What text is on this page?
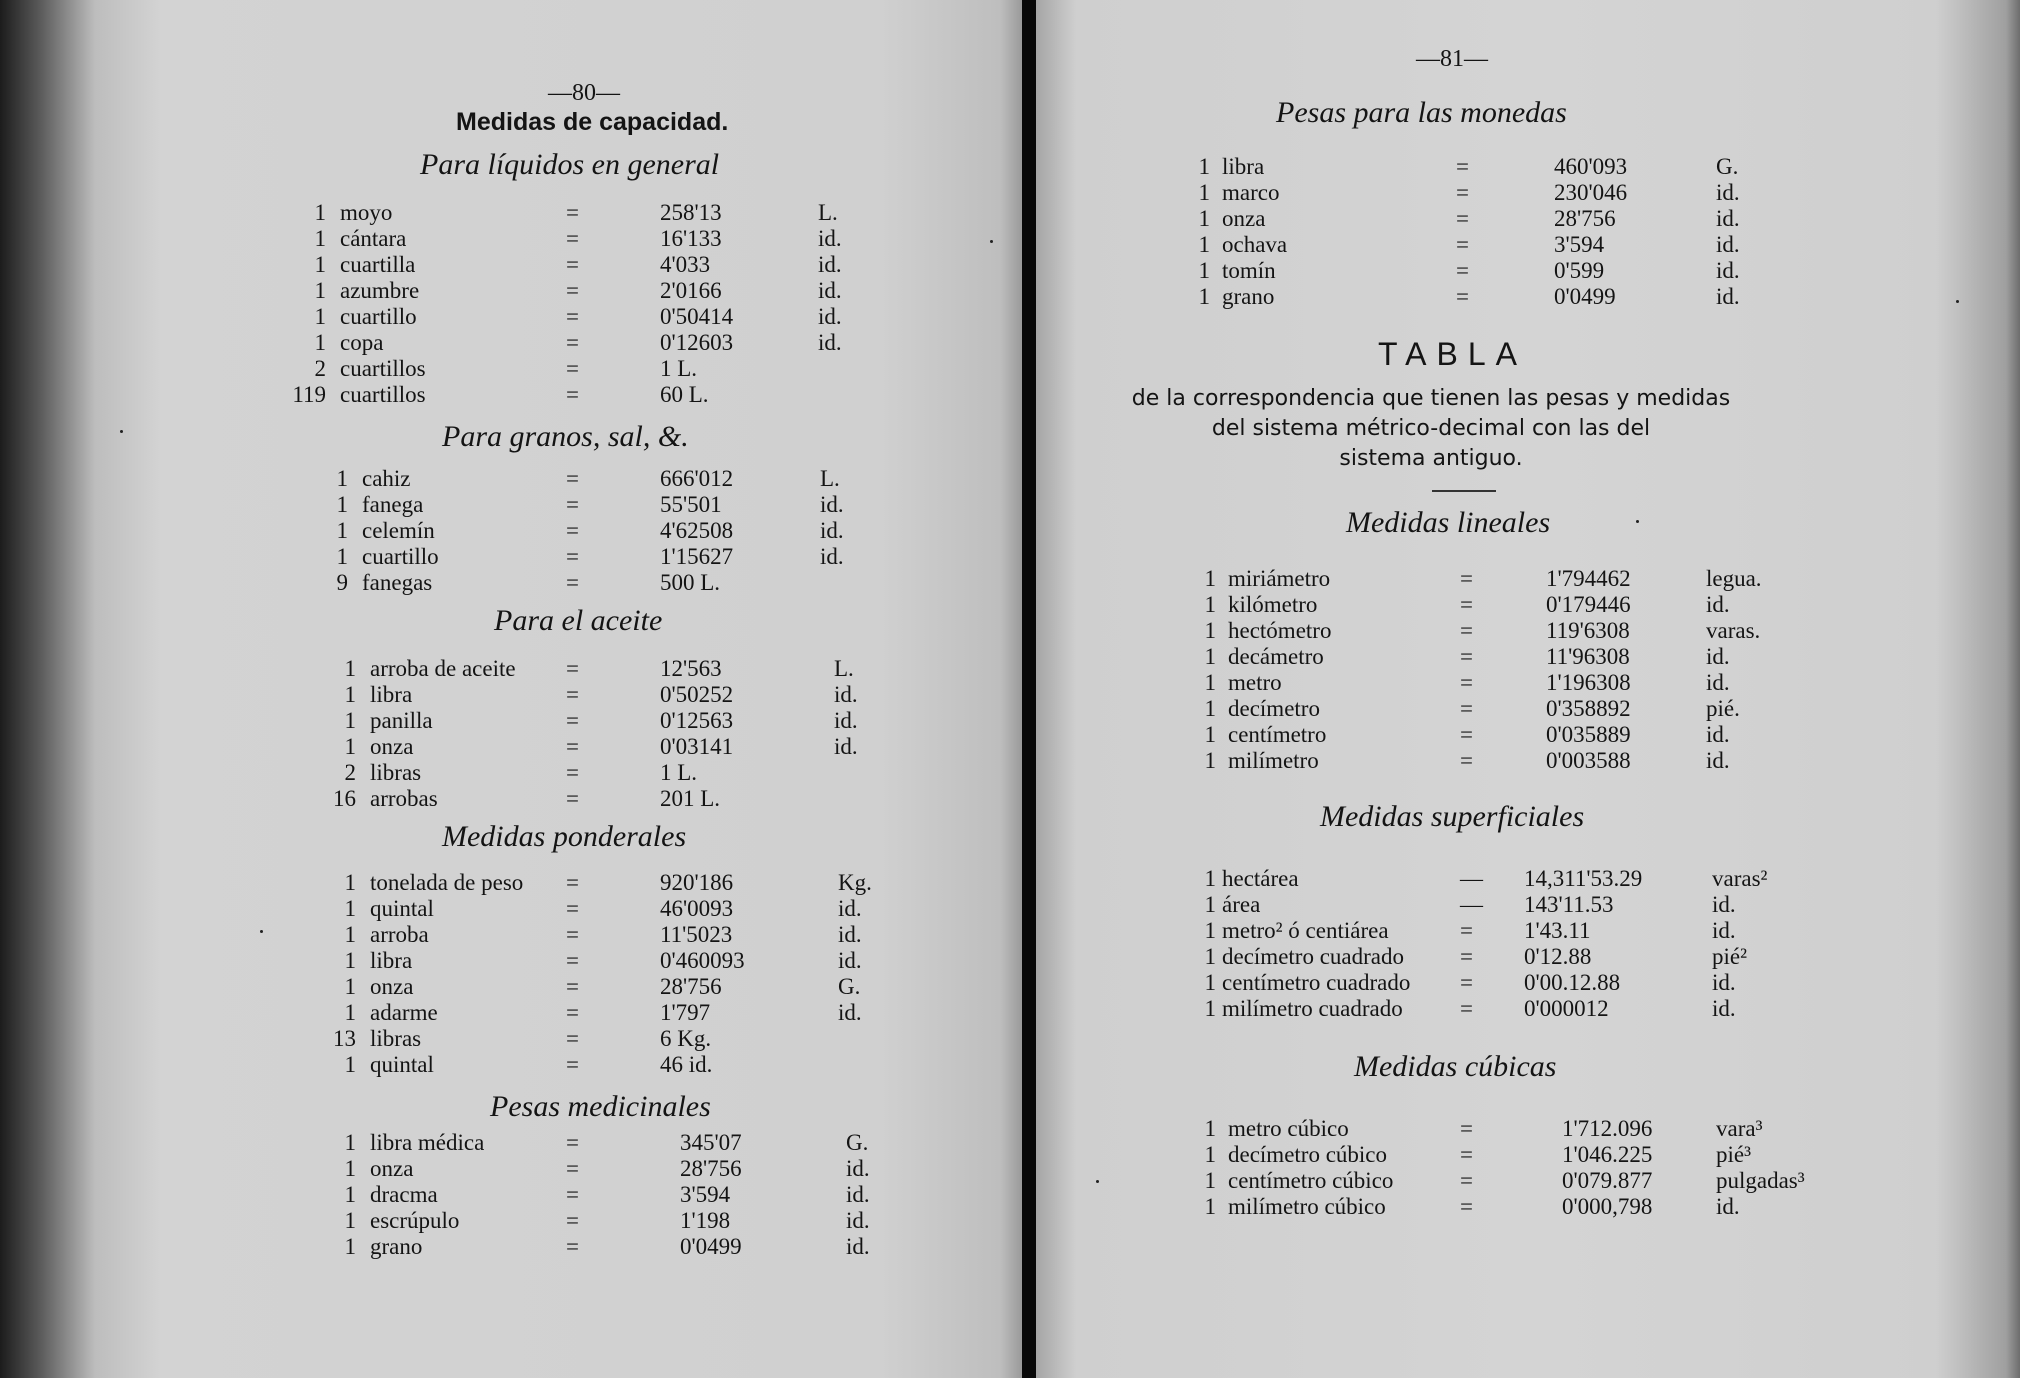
—80—
Medidas de capacidad.
Para líquidos en general
1 moyo	=	258'13	L.
1 cántara	=	16'133	id.
1 cuartilla	=	4'033	id.
1 azumbre	=	2'0166	id.
1 cuartillo	=	0'50414	id.
1 copa	=	0'12603	id.
2 cuartillos	=	1 L.
119 cuartillos	=	60 L.
Para granos, sal, &.
1 cahiz	=	666'012	L.
1 fanega	=	55'501	id.
1 celemín	=	4'62508	id.
1 cuartillo	=	1'15627	id.
9 fanegas	=	500 L.
Para el aceite
1 arroba de aceite =	12'563	L.
1 libra	=	0'50252	id.
1 panilla	=	0'12563	id.
1 onza	=	0'03141	id.
2 libras	=	1 L.
16 arrobas	=	201 L.
Medidas ponderales
1 tonelada de peso =	920'186	Kg.
1 quintal	=	46'0093	id.
1 arroba	=	11'5023	id.
1 libra	=	0'460093	id.
1 onza	=	28'756	G.
1 adarme	=	1'797	id.
13 libras	=	6 Kg.
1 quintal	=	46 id.
Pesas medicinales
1 libra médica	=	345'07	G.
1 onza	=	28'756	id.
1 dracma	=	3'594	id.
1 escrúpulo	=	1'198	id.
1 grano	=	0'0499	id.
—81—
Pesas para las monedas
1 libra	=	460'093	G.
1 marco	=	230'046	id.
1 onza	=	28'756	id.
1 ochava	=	3'594	id.
1 tomín	=	0'599	id.
1 grano	=	0'0499	id.
TABLA
de la correspondencia que tienen las pesas y medidas
del sistema métrico-decimal con las del
sistema antiguo.
Medidas lineales
1 miriámetro	=	1'794462	legua.
1 kilómetro	=	0'179446	id.
1 hectómetro	=	119'6308	varas.
1 decámetro	=	11'96308	id.
1 metro	=	1'196308	id.
1 decímetro	=	0'358892	pié.
1 centímetro	=	0'035889	id.
1 milímetro	=	0'003588	id.
Medidas superficiales
1 hectárea	— 14,311'53.29	varas²
1 área	— 143'11.53	id.
1 metro² ó centiárea	= 1'43.11	id.
1 decímetro cuadrado = 0'12.88	pié²
1 centímetro cuadrado = 0'00.12.88	id.
1 milímetro cuadrado = 0'000012	id.
Medidas cúbicas
1 metro cúbico	=	1'712.096	vara³
1 decímetro cúbico	=	1'046.225	pié³
1 centímetro cúbico	=	0'079.877	pulgadas³
1 milímetro cúbico	=	0'000,798	id.
